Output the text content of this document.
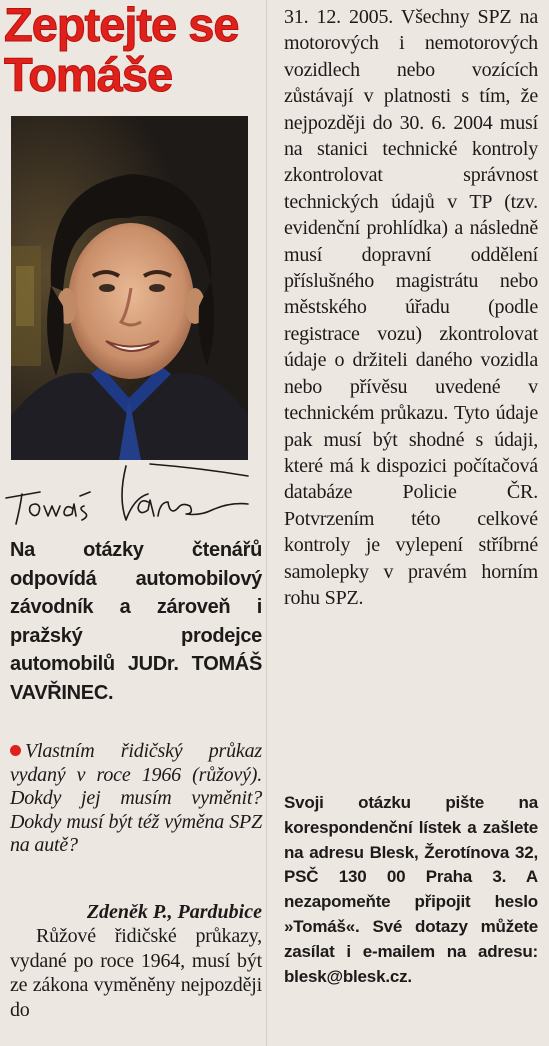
Zeptejte se
Tomáše
Na otázky čtenářů odpovídá automobilový závodník a zároveň i pražský prodejce automobilů JUDr. TOMÁŠ VAVŘINEC.
Vlastním řidičský průkaz vydaný v roce 1966 (růžový). Dokdy jej musím vyměnit? Dokdy musí být též výměna SPZ na autě?
Zdeněk P., Pardubice
Růžové řidičské průkazy, vydané po roce 1964, musí být ze zákona vyměněny nejpozději do
31. 12. 2005. Všechny SPZ na motorových i nemotorových vozidlech nebo vozících zůstávají v platnosti s tím, že nejpozději do 30. 6. 2004 musí na stanici technické kontroly zkontrolovat správnost technických údajů v TP (tzv. evidenční prohlídka) a následně musí dopravní oddělení příslušného magistrátu nebo městského úřadu (podle registrace vozu) zkontrolovat údaje o držiteli daného vozidla nebo přívěsu uvedené v technickém průkazu. Tyto údaje pak musí být shodné s údaji, které má k dispozici počítačová databáze Policie ČR. Potvrzením této celkové kontroly je vylepení stříbrné samolepky v pravém horním rohu SPZ.
Svoji otázku pište na korespondenční lístek a zašlete na adresu Blesk, Žerotínova 32, PSČ 130 00 Praha 3. A nezapomeňte připojit heslo »Tomáš«. Své dotazy můžete zasílat i e-mailem na adresu: blesk@blesk.cz.
